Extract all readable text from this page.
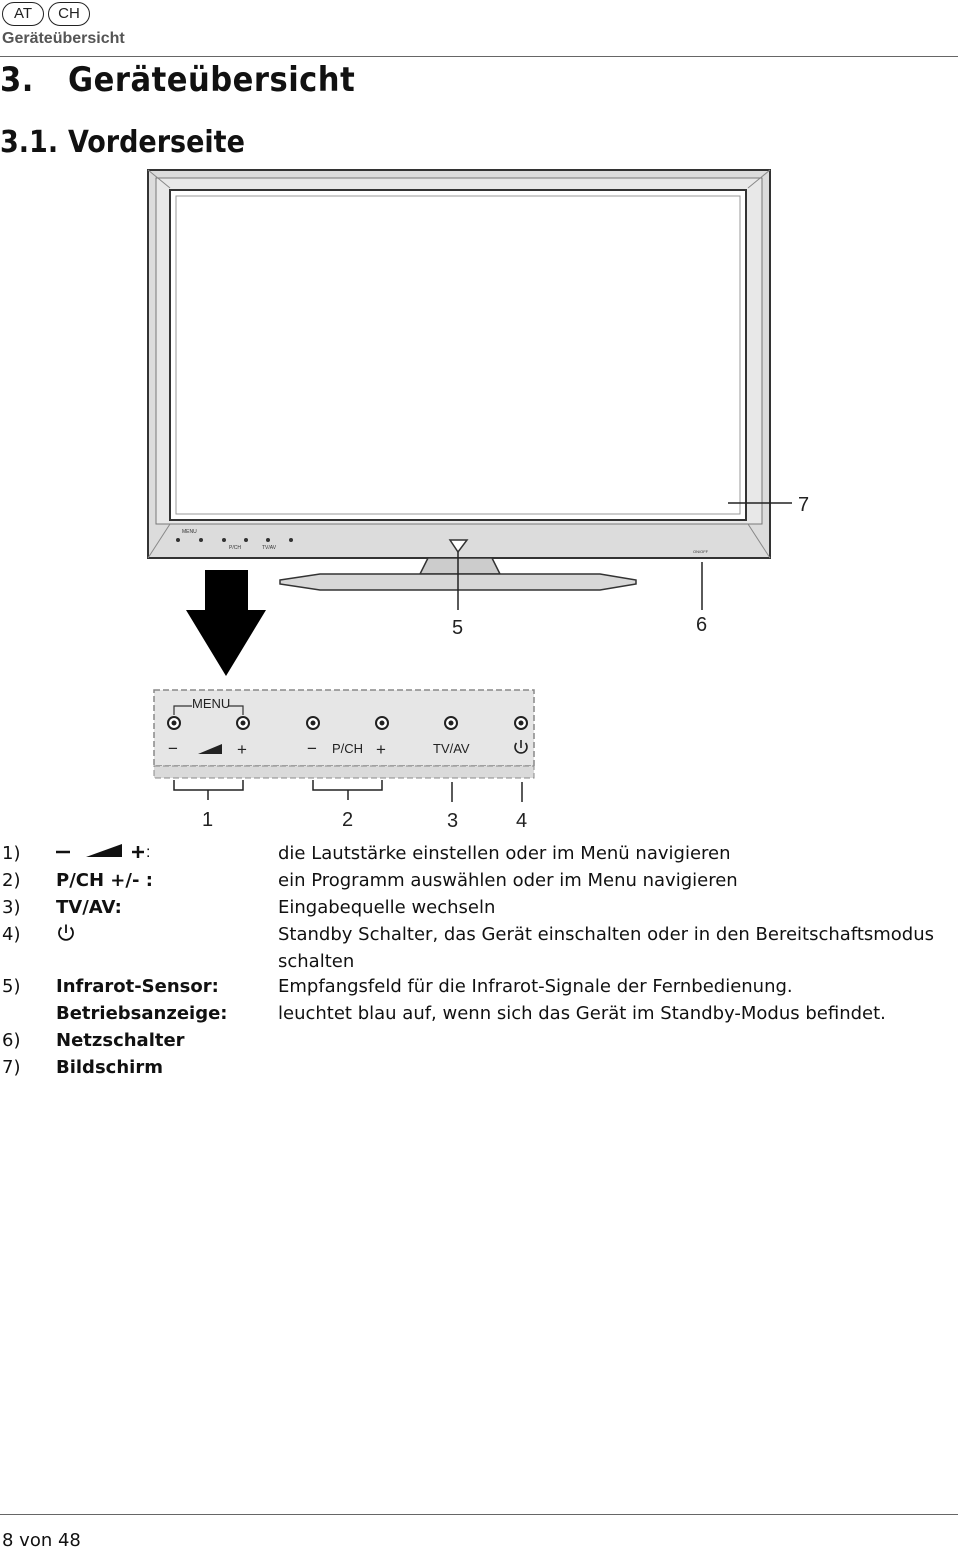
AT	CH
Geräteübersicht
3. Geräteübersicht
3.1. Vorderseite
MENU
P/CH	TV/AV
ON/OFF
7
5	6
MENU
−	+	− P/CH +	TV/AV
1	2	3	4
1)	:	die Lautstärke einstellen oder im Menü navigieren
2) P/CH +/- :	ein Programm auswählen oder im Menu navigieren
3) TV/AV:	Eingabequelle wechseln
4)	Standby Schalter, das Gerät einschalten oder in den Bereitschaftsmodus
schalten
5) Infrarot-Sensor:	Empfangsfeld für die Infrarot-Signale der Fernbedienung.
Betriebsanzeige:	leuchtet blau auf, wenn sich das Gerät im Standby-Modus befindet.
6) Netzschalter
7) Bildschirm
8 von 48
